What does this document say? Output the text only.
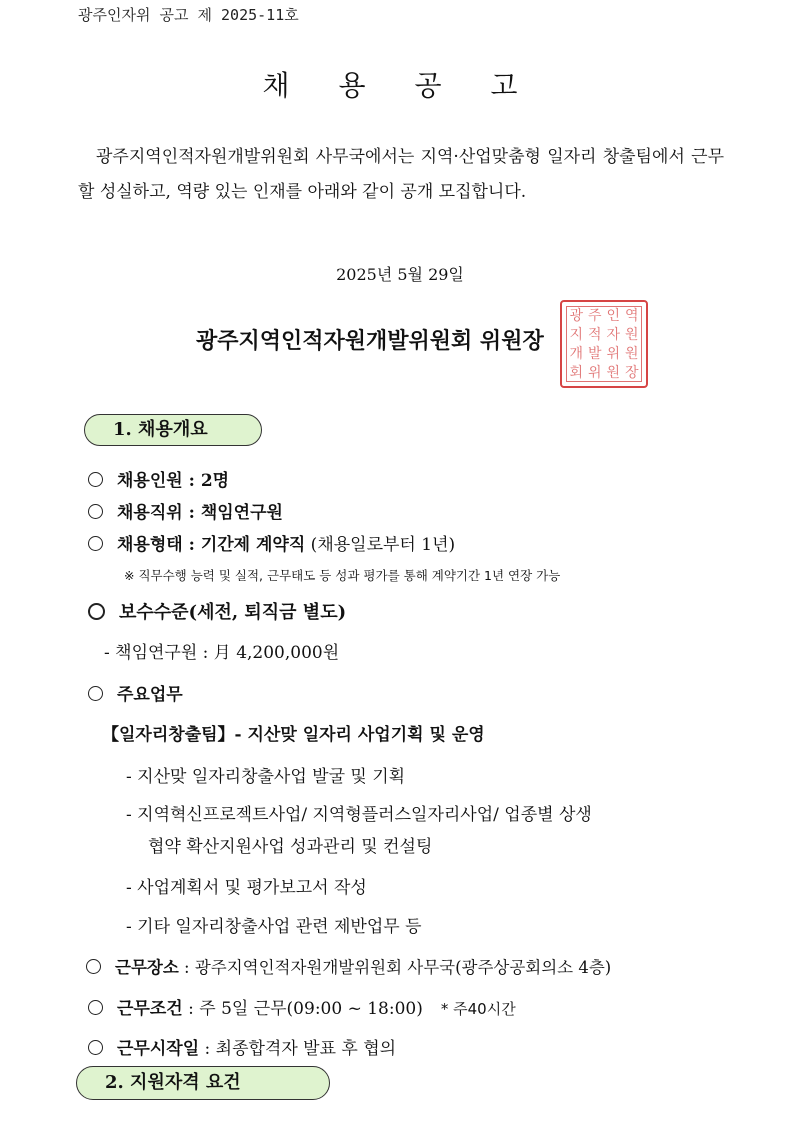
광주인자위 공고 제 2025-11호
채 용 공 고
광주지역인적자원개발위원회 사무국에서는 지역·산업맞춤형 일자리 창출팀에서 근무할 성실하고, 역량 있는 인재를 아래와 같이 공개 모집합니다.
2025년 5월 29일
광주지역인적자원개발위원회 위원장
광 주 인 역
지 적 자 원
개 발 위 원
회 위 원 장
1. 채용개요
채용인원 : 2명
채용직위 : 책임연구원
채용형태 : 기간제 계약직 (채용일로부터 1년)
※ 직무수행 능력 및 실적, 근무태도 등 성과 평가를 통해 계약기간 1년 연장 가능
보수수준(세전, 퇴직금 별도)
- 책임연구원 : 月 4,200,000원
주요업무
【일자리창출팀】- 지산맞 일자리 사업기획 및 운영
- 지산맞 일자리창출사업 발굴 및 기획
- 지역혁신프로젝트사업/ 지역형플러스일자리사업/ 업종별 상생
협약 확산지원사업 성과관리 및 컨설팅
- 사업계획서 및 평가보고서 작성
- 기타 일자리창출사업 관련 제반업무 등
근무장소 : 광주지역인적자원개발위원회 사무국(광주상공회의소 4층)
근무조건 : 주 5일 근무(09:00 ~ 18:00) * 주40시간
근무시작일 : 최종합격자 발표 후 협의
2. 지원자격 요건
